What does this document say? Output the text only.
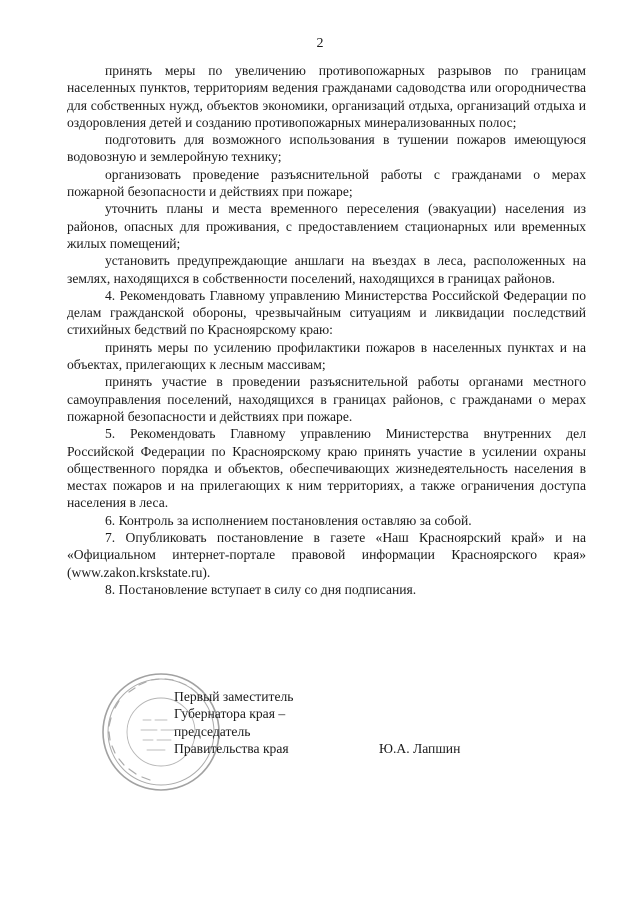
2

принять меры по увеличению противопожарных разрывов по границам населенных пунктов, территориям ведения гражданами садоводства или огородничества для собственных нужд, объектов экономики, организаций отдыха, организаций отдыха и оздоровления детей и созданию противопожарных минерализованных полос;

подготовить для возможного использования в тушении пожаров имеющуюся водовозную и землеройную технику;

организовать проведение разъяснительной работы с гражданами о мерах пожарной безопасности и действиях при пожаре;

уточнить планы и места временного переселения (эвакуации) населения из районов, опасных для проживания, с предоставлением стационарных или временных жилых помещений;

установить предупреждающие аншлаги на въездах в леса, расположенных на землях, находящихся в собственности поселений, находящихся в границах районов.

4. Рекомендовать Главному управлению Министерства Российской Федерации по делам гражданской обороны, чрезвычайным ситуациям и ликвидации последствий стихийных бедствий по Красноярскому краю:

принять меры по усилению профилактики пожаров в населенных пунктах и на объектах, прилегающих к лесным массивам;

принять участие в проведении разъяснительной работы органами местного самоуправления поселений, находящихся в границах районов, с гражданами о мерах пожарной безопасности и действиях при пожаре.

5. Рекомендовать Главному управлению Министерства внутренних дел Российской Федерации по Красноярскому краю принять участие в усилении охраны общественного порядка и объектов, обеспечивающих жизнедеятельность населения в местах пожаров и на прилегающих к ним территориях, а также ограничения доступа населения в леса.

6. Контроль за исполнением постановления оставляю за собой.

7. Опубликовать постановление в газете «Наш Красноярский край» и на «Официальном интернет-портале правовой информации Красноярского края» (www.zakon.krskstate.ru).

8. Постановление вступает в силу со дня подписания.

Первый заместитель
Губернатора края –
председатель
Правительства края	Ю.А. Лапшин
